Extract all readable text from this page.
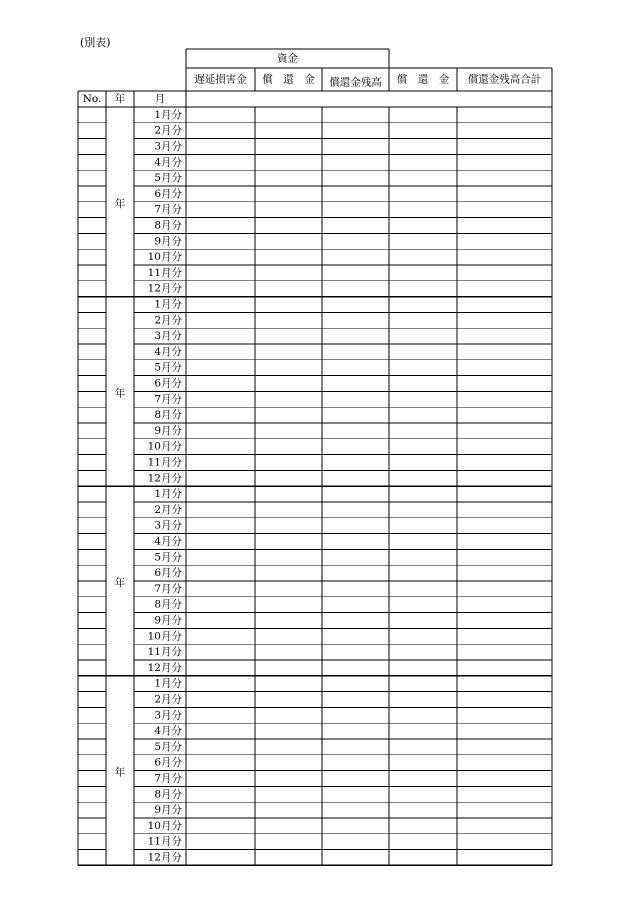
(別表)
資金
遅延損害金 償　還　金 償還金残高 償　還　金 償還金残高合計
No. 年	月
1月分
2月分
3月分
4月分
5月分
6月分
7月分
8月分
9月分
10月分
11月分
12月分
年
1月分
2月分
3月分
4月分
5月分
6月分
7月分
8月分
9月分
10月分
11月分
12月分
年
1月分
2月分
3月分
4月分
5月分
6月分
7月分
8月分
9月分
10月分
11月分
12月分
年
1月分
2月分
3月分
4月分
5月分
6月分
7月分
8月分
9月分
10月分
11月分
12月分
年
